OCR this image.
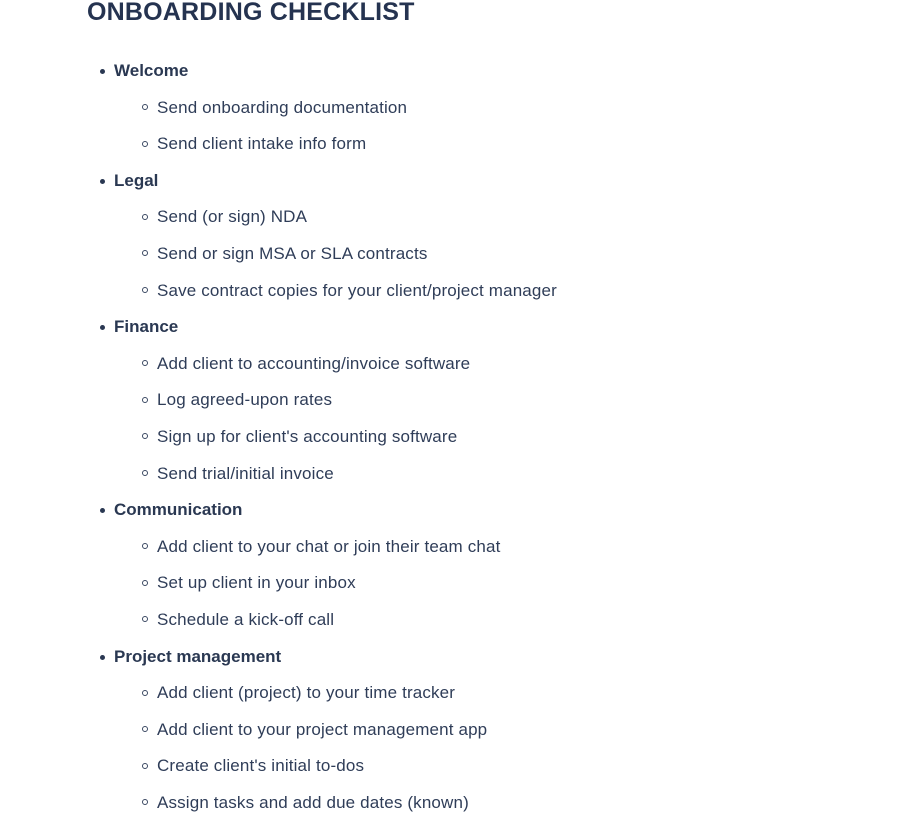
ONBOARDING CHECKLIST
Welcome
Send onboarding documentation
Send client intake info form
Legal
Send (or sign) NDA
Send or sign MSA or SLA contracts
Save contract copies for your client/project manager
Finance
Add client to accounting/invoice software
Log agreed-upon rates
Sign up for client's accounting software
Send trial/initial invoice
Communication
Add client to your chat or join their team chat
Set up client in your inbox
Schedule a kick-off call
Project management
Add client (project) to your time tracker
Add client to your project management app
Create client's initial to-dos
Assign tasks and add due dates (known)
